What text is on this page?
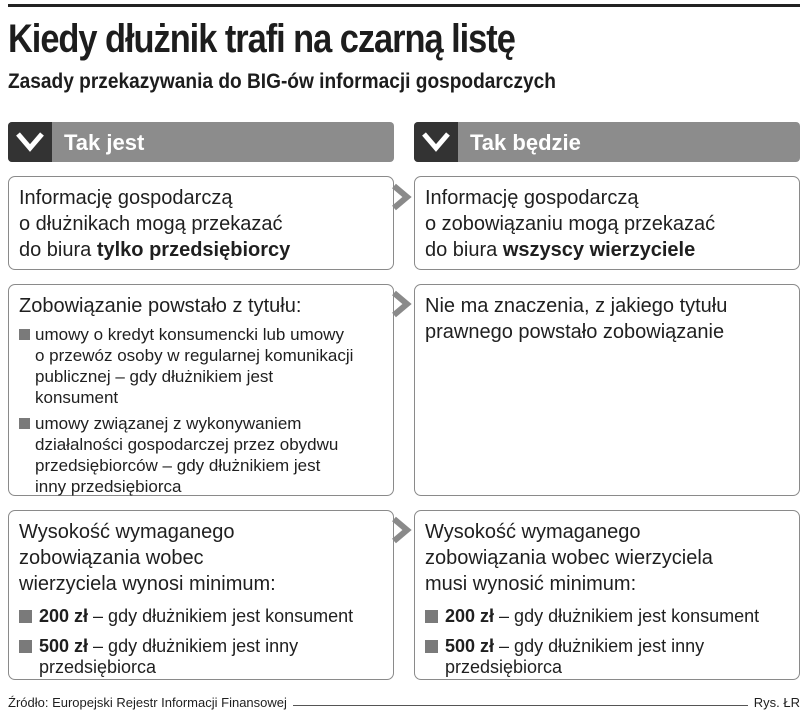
Kiedy dłużnik trafi na czarną listę
Zasady przekazywania do BIG-ów informacji gospodarczych
Tak jest	Tak będzie
Informację gospodarczą
o dłużnikach mogą przekazać
do biura tylko przedsiębiorcy
Informację gospodarczą
o zobowiązaniu mogą przekazać
do biura wszyscy wierzyciele
Zobowiązanie powstało z tytułu:
umowy o kredyt konsumencki lub umowy
o przewóz osoby w regularnej komunikacji
publicznej – gdy dłużnikiem jest
konsument
umowy związanej z wykonywaniem
działalności gospodarczej przez obydwu
przedsiębiorców – gdy dłużnikiem jest
inny przedsiębiorca
Nie ma znaczenia, z jakiego tytułu
prawnego powstało zobowiązanie
Wysokość wymaganego
zobowiązania wobec
wierzyciela wynosi minimum:
200 zł – gdy dłużnikiem jest konsument
500 zł – gdy dłużnikiem jest inny
przedsiębiorca
Wysokość wymaganego
zobowiązania wobec wierzyciela
musi wynosić minimum:
200 zł – gdy dłużnikiem jest konsument
500 zł – gdy dłużnikiem jest inny
przedsiębiorca
Źródło: Europejski Rejestr Informacji Finansowej	Rys. ŁR
